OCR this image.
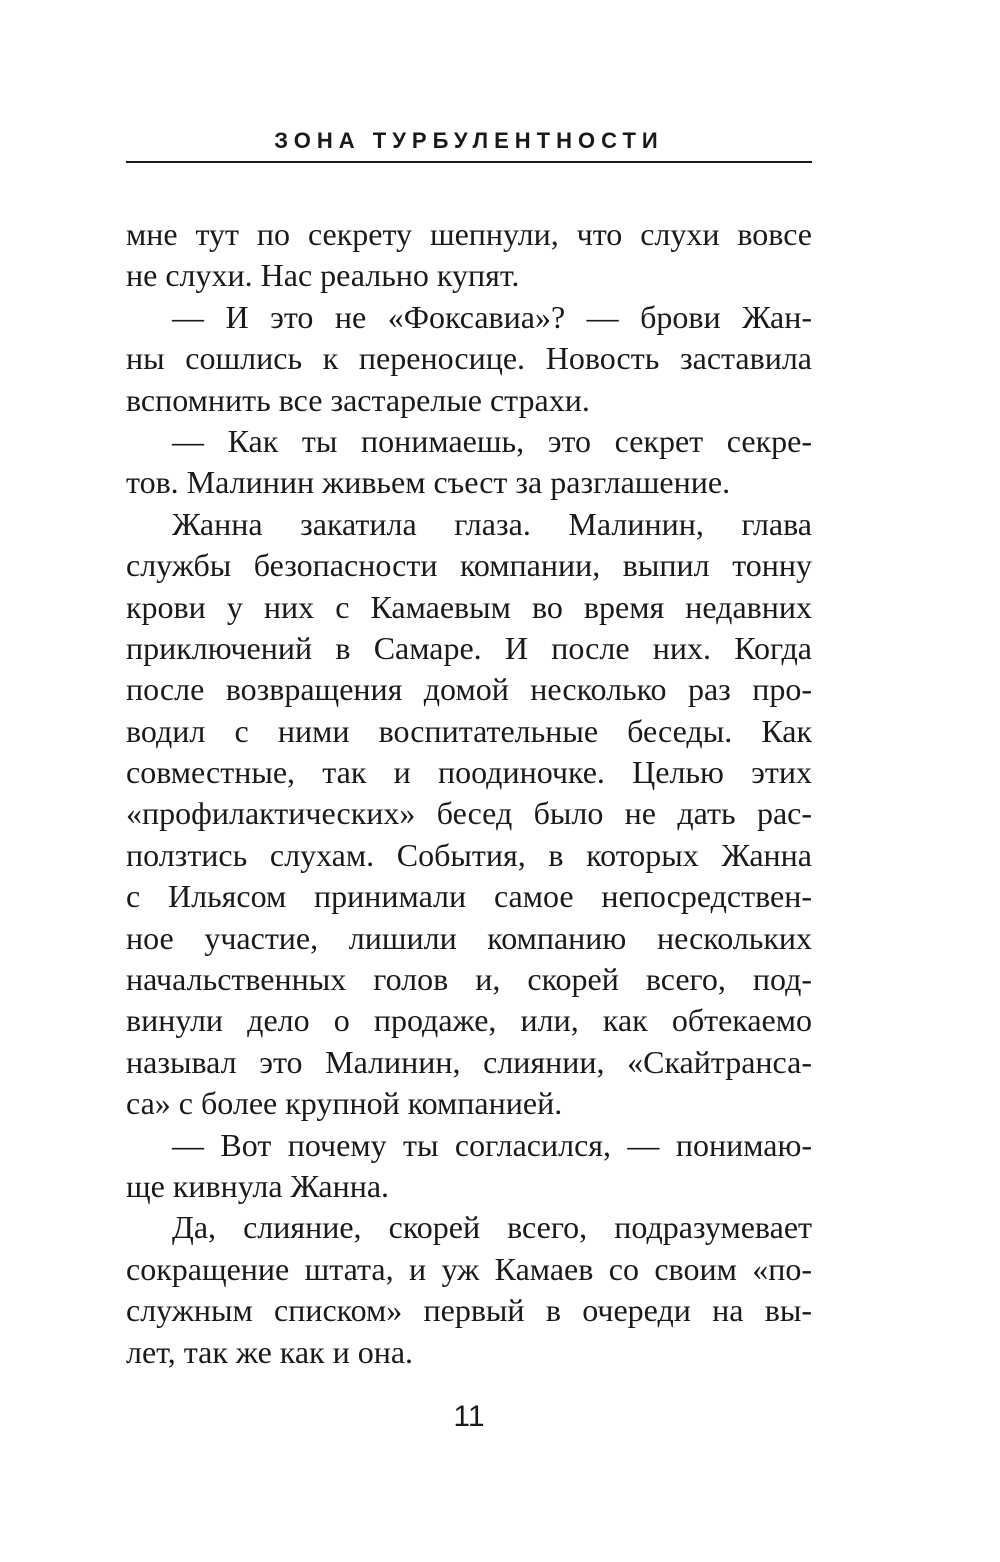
ЗОНА ТУРБУЛЕНТНОСТИ
мне тут по секрету шепнули, что слухи вовсе
не слухи. Нас реально купят.
— И это не «Фоксавиа»? — брови Жан-
ны сошлись к переносице. Новость заставила
вспомнить все застарелые страхи.
— Как ты понимаешь, это секрет секре-
тов. Малинин живьем съест за разглашение.
Жанна закатила глаза. Малинин, глава
службы безопасности компании, выпил тонну
крови у них с Камаевым во время недавних
приключений в Самаре. И после них. Когда
после возвращения домой несколько раз про-
водил с ними воспитательные беседы. Как
совместные, так и поодиночке. Целью этих
«профилактических» бесед было не дать рас-
ползтись слухам. События, в которых Жанна
с Ильясом принимали самое непосредствен-
ное участие, лишили компанию нескольких
начальственных голов и, скорей всего, под-
винули дело о продаже, или, как обтекаемо
называл это Малинин, слиянии, «Скайтранса-
са» с более крупной компанией.
— Вот почему ты согласился, — понимаю-
ще кивнула Жанна.
Да, слияние, скорей всего, подразумевает
сокращение штата, и уж Камаев со своим «по-
служным списком» первый в очереди на вы-
лет, так же как и она.
11
